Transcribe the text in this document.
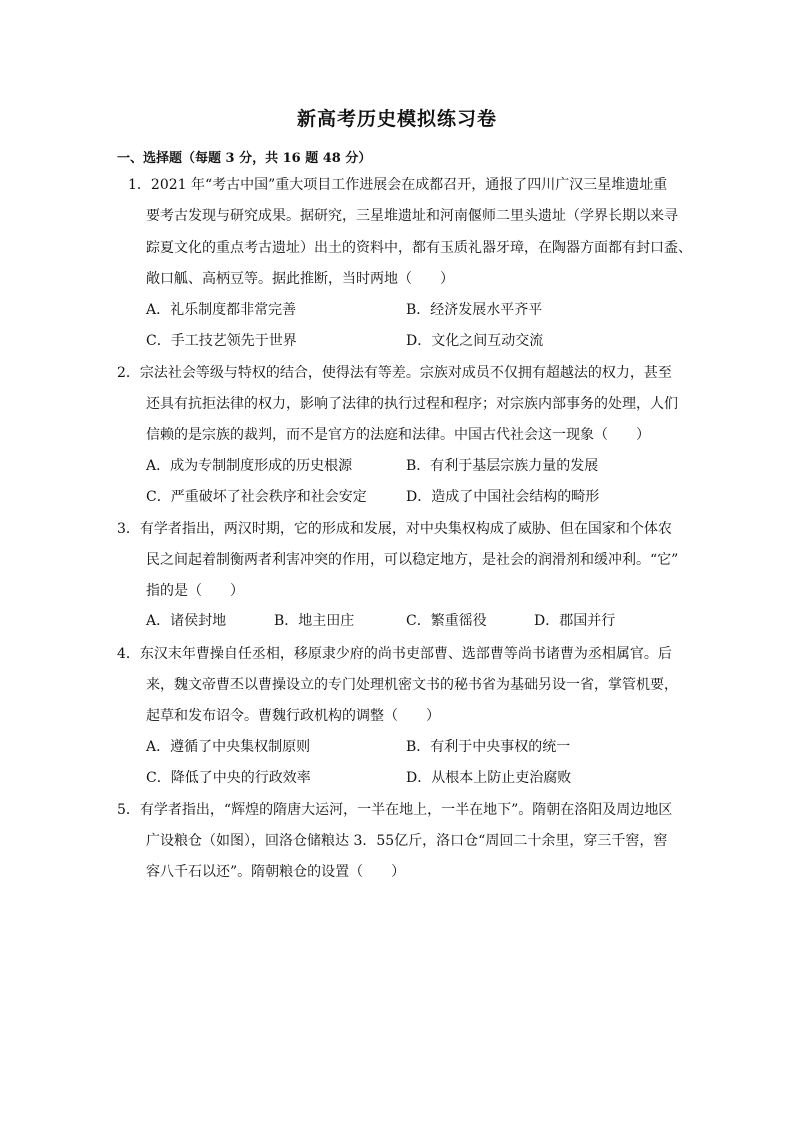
新高考历史模拟练习卷
一、选择题（每题 3 分，共 16 题 48 分）
1．2021 年“考古中国”重大项目工作进展会在成都召开，通报了四川广汉三星堆遗址重
要考古发现与研究成果。据研究，三星堆遗址和河南偃师二里头遗址（学界长期以来寻
踪夏文化的重点考古遗址）出土的资料中，都有玉质礼器牙璋，在陶器方面都有封口盉、
敞口觚、高柄豆等。据此推断，当时两地（　　）
A．礼乐制度都非常完善	B．经济发展水平齐平
C．手工技艺领先于世界	D．文化之间互动交流
2．宗法社会等级与特权的结合，使得法有等差。宗族对成员不仅拥有超越法的权力，甚至
还具有抗拒法律的权力，影响了法律的执行过程和程序；对宗族内部事务的处理，人们
信赖的是宗族的裁判，而不是官方的法庭和法律。中国古代社会这一现象（　　）
A．成为专制制度形成的历史根源	B．有利于基层宗族力量的发展
C．严重破坏了社会秩序和社会安定	D．造成了中国社会结构的畸形
3．有学者指出，两汉时期，它的形成和发展，对中央集权构成了威胁、但在国家和个体农
民之间起着制衡两者利害冲突的作用，可以稳定地方，是社会的润滑剂和缓冲利。“它”
指的是（　　）
A．诸侯封地	B．地主田庄	C．繁重徭役	D．郡国并行
4．东汉末年曹操自任丞相，移原隶少府的尚书吏部曹、选部曹等尚书诸曹为丞相属官。后
来，魏文帝曹丕以曹操设立的专门处理机密文书的秘书省为基础另设一省，掌管机要，
起草和发布诏令。曹魏行政机构的调整（　　）
A．遵循了中央集权制原则	B．有利于中央事权的统一
C．降低了中央的行政效率	D．从根本上防止吏治腐败
5．有学者指出，“辉煌的隋唐大运河，一半在地上，一半在地下”。隋朝在洛阳及周边地区
广设粮仓（如图），回洛仓储粮达 3．55亿斤，洛口仓“周回二十余里，穿三千窖，窖
容八千石以还”。隋朝粮仓的设置（　　）
